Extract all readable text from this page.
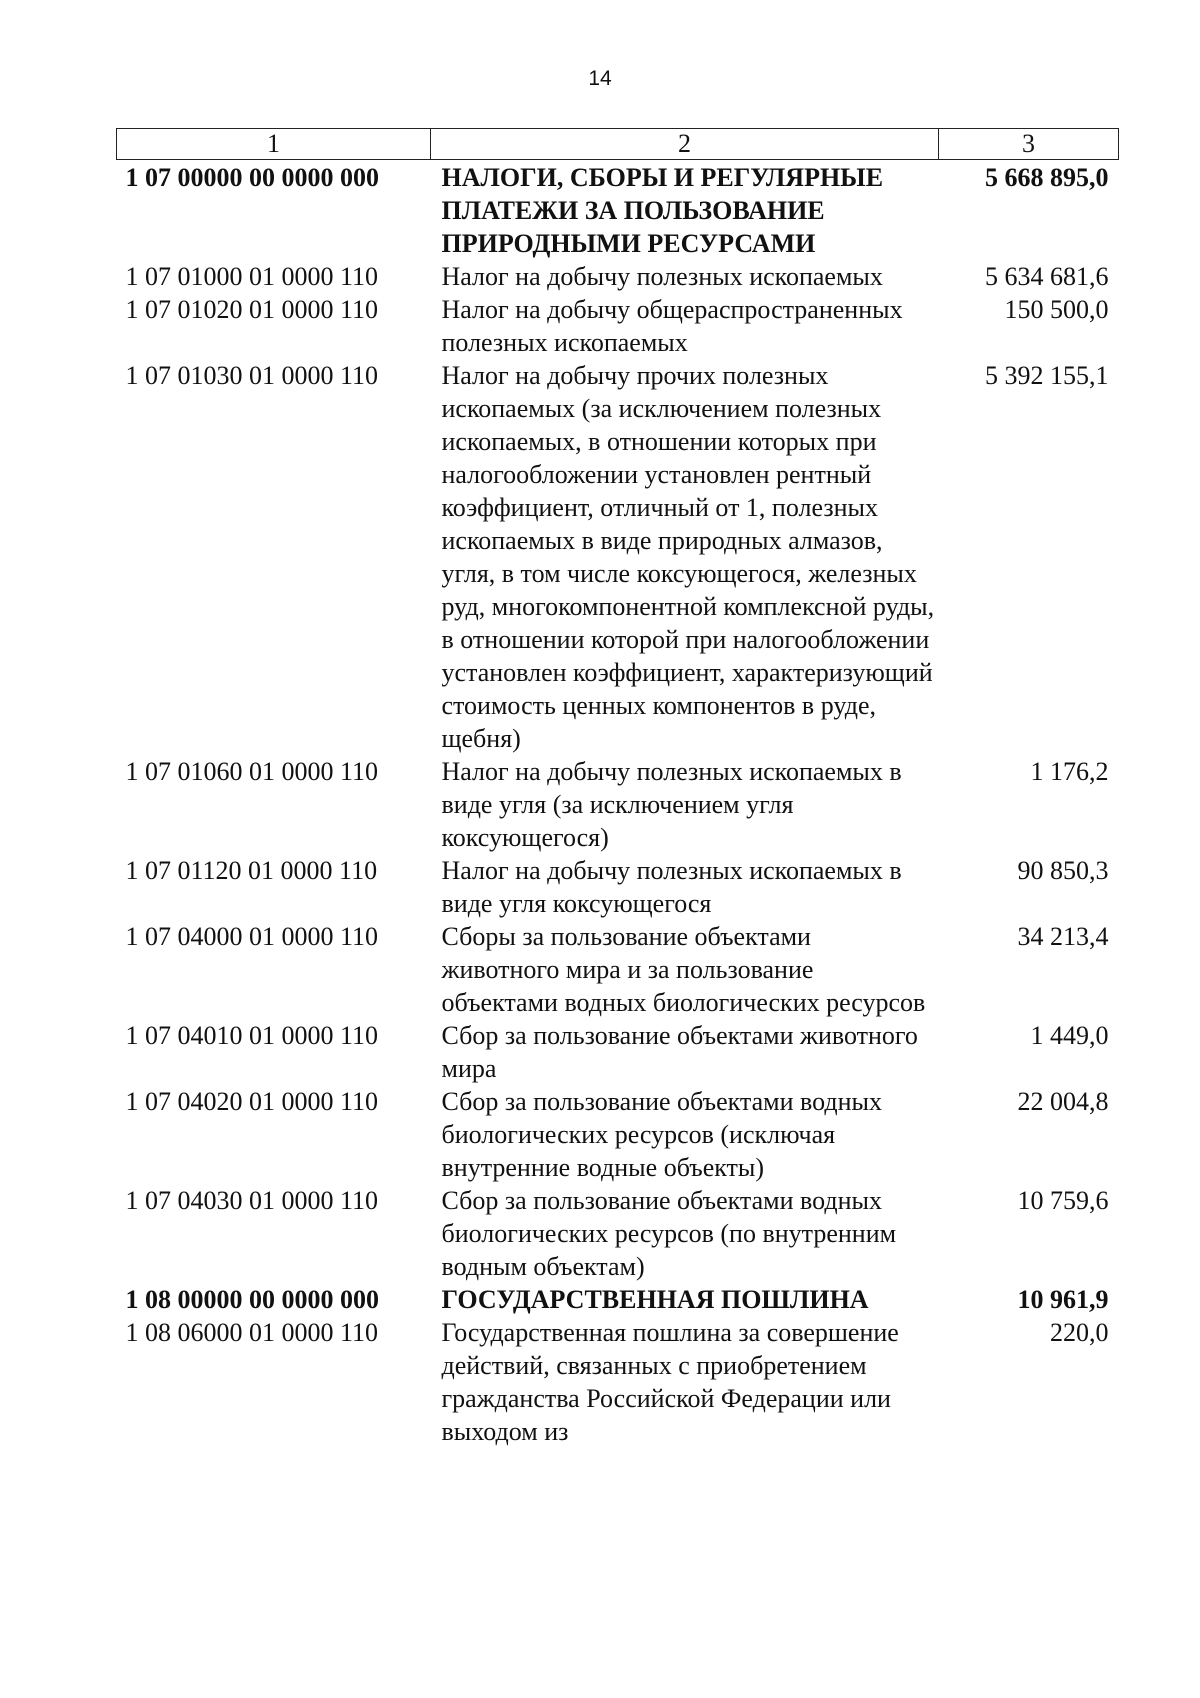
14
1	2	3
1 07 00000 00 0000 000	НАЛОГИ, СБОРЫ И РЕГУЛЯРНЫЕ ПЛАТЕЖИ ЗА ПОЛЬЗОВАНИЕ ПРИРОДНЫМИ РЕСУРСАМИ	5 668 895,0
1 07 01000 01 0000 110	Налог на добычу полезных ископаемых	5 634 681,6
1 07 01020 01 0000 110	Налог на добычу общераспространенных полезных ископаемых	150 500,0
1 07 01030 01 0000 110	Налог на добычу прочих полезных ископаемых (за исключением полезных ископаемых, в отношении которых при налогообложении установлен рентный коэффициент, отличный от 1, полезных ископаемых в виде природных алмазов, угля, в том числе коксующегося, железных руд, многокомпонентной комплексной руды, в отношении которой при налогообложении установлен коэффициент, характеризующий стоимость ценных компонентов в руде, щебня)	5 392 155,1
1 07 01060 01 0000 110	Налог на добычу полезных ископаемых в виде угля (за исключением угля коксующегося)	1 176,2
1 07 01120 01 0000 110	Налог на добычу полезных ископаемых в виде угля коксующегося	90 850,3
1 07 04000 01 0000 110	Сборы за пользование объектами животного мира и за пользование объектами водных биологических ресурсов	34 213,4
1 07 04010 01 0000 110	Сбор за пользование объектами животного мира	1 449,0
1 07 04020 01 0000 110	Сбор за пользование объектами водных биологических ресурсов (исключая внутренние водные объекты)	22 004,8
1 07 04030 01 0000 110	Сбор за пользование объектами водных биологических ресурсов (по внутренним водным объектам)	10 759,6
1 08 00000 00 0000 000	ГОСУДАРСТВЕННАЯ ПОШЛИНА	10 961,9
1 08 06000 01 0000 110	Государственная пошлина за совершение действий, связанных с приобретением гражданства Российской Федерации или выходом из	220,0
